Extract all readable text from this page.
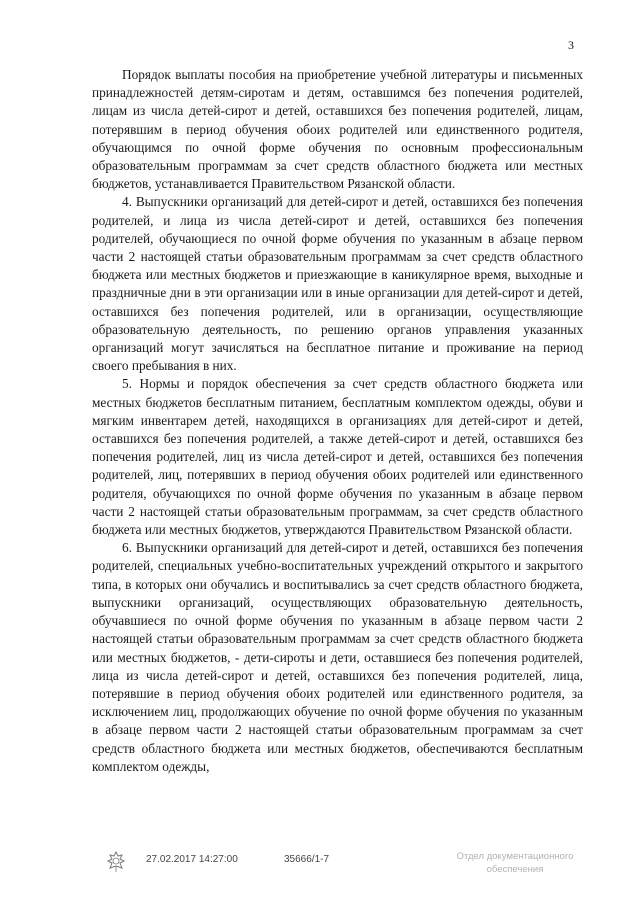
3

Порядок выплаты пособия на приобретение учебной литературы и письменных принадлежностей детям-сиротам и детям, оставшимся без попечения родителей, лицам из числа детей-сирот и детей, оставшихся без попечения родителей, лицам, потерявшим в период обучения обоих родителей или единственного родителя, обучающимся по очной форме обучения по основным профессиональным образовательным программам за счет средств областного бюджета или местных бюджетов, устанавливается Правительством Рязанской области.

4. Выпускники организаций для детей-сирот и детей, оставшихся без попечения родителей, и лица из числа детей-сирот и детей, оставшихся без попечения родителей, обучающиеся по очной форме обучения по указанным в абзаце первом части 2 настоящей статьи образовательным программам за счет средств областного бюджета или местных бюджетов и приезжающие в каникулярное время, выходные и праздничные дни в эти организации или в иные организации для детей-сирот и детей, оставшихся без попечения родителей, или в организации, осуществляющие образовательную деятельность, по решению органов управления указанных организаций могут зачисляться на бесплатное питание и проживание на период своего пребывания в них.

5. Нормы и порядок обеспечения за счет средств областного бюджета или местных бюджетов бесплатным питанием, бесплатным комплектом одежды, обуви и мягким инвентарем детей, находящихся в организациях для детей-сирот и детей, оставшихся без попечения родителей, а также детей-сирот и детей, оставшихся без попечения родителей, лиц из числа детей-сирот и детей, оставшихся без попечения родителей, лиц, потерявших в период обучения обоих родителей или единственного родителя, обучающихся по очной форме обучения по указанным в абзаце первом части 2 настоящей статьи образовательным программам, за счет средств областного бюджета или местных бюджетов, утверждаются Правительством Рязанской области.

6. Выпускники организаций для детей-сирот и детей, оставшихся без попечения родителей, специальных учебно-воспитательных учреждений открытого и закрытого типа, в которых они обучались и воспитывались за счет средств областного бюджета, выпускники организаций, осуществляющих образовательную деятельность, обучавшиеся по очной форме обучения по указанным в абзаце первом части 2 настоящей статьи образовательным программам за счет средств областного бюджета или местных бюджетов, - дети-сироты и дети, оставшиеся без попечения родителей, лица из числа детей-сирот и детей, оставшихся без попечения родителей, лица, потерявшие в период обучения обоих родителей или единственного родителя, за исключением лиц, продолжающих обучение по очной форме обучения по указанным в абзаце первом части 2 настоящей статьи образовательным программам за счет средств областного бюджета или местных бюджетов, обеспечиваются бесплатным комплектом одежды,

27.02.2017 14:27:00	35666/1-7	Отдел документационного
обеспечения
